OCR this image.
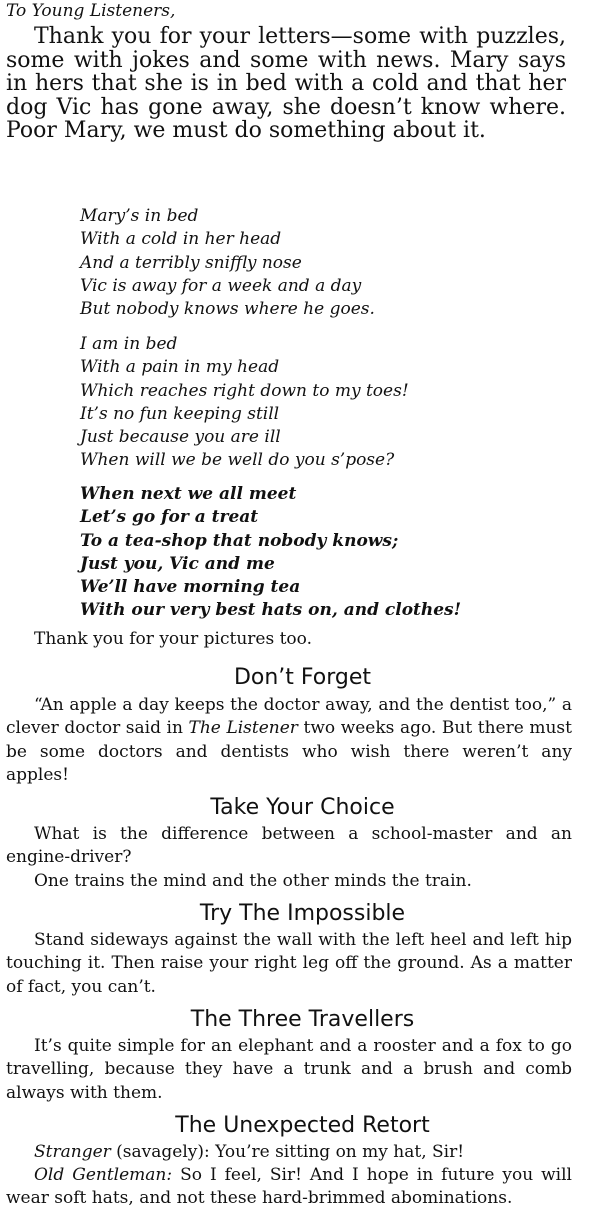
To Young Listeners,

Thank you for your letters—some with puzzles, some with jokes and some with news. Mary says in hers that she is in bed with a cold and that her dog Vic has gone away, she doesn’t know where. Poor Mary, we must do something about it.

Mary’s in bed
With a cold in her head
And a terribly sniffly nose
Vic is away for a week and a day
But nobody knows where he goes.
I am in bed
With a pain in my head
Which reaches right down to my toes!
It’s no fun keeping still
Just because you are ill
When will we be well do you s’pose?
When next we all meet
Let’s go for a treat
To a tea-shop that nobody knows;
Just you, Vic and me
We’ll have morning tea
With our very best hats on, and clothes!
Thank you for your pictures too.
Don’t Forget

“An apple a day keeps the doctor away, and the dentist too,” a clever doctor said in The Listener two weeks ago. But there must be some doctors and dentists who wish there weren’t any apples!

Take Your Choice

What is the difference between a school-master and an engine-driver?

One trains the mind and the other minds the train.

Try The Impossible

Stand sideways against the wall with the left heel and left hip touching it. Then raise your right leg off the ground. As a matter of fact, you can’t.

The Three Travellers

It’s quite simple for an elephant and a rooster and a fox to go travelling, because they have a trunk and a brush and comb always with them.

The Unexpected Retort

Stranger (savagely): You’re sitting on my hat, Sir!

Old Gentleman: So I feel, Sir! And I hope in future you will wear soft hats, and not these hard-brimmed abominations.
